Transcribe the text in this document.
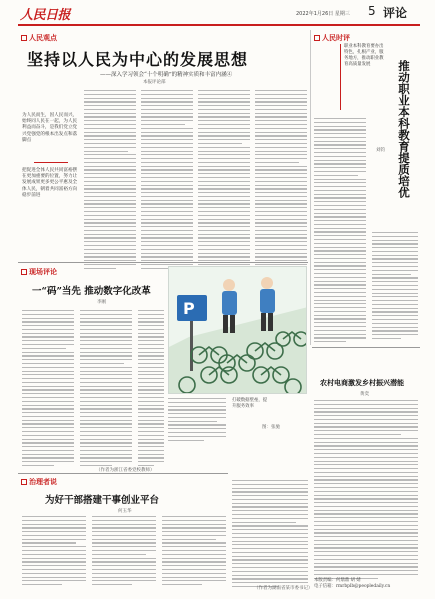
人民日报	2022年1月26日 星期三 5 评论
人民观点
坚持以人民为中心的发展思想
——深入学习领会“十个明确”的精神实质和丰富内涵④
本报评论部
为人民而生，因人民而兴，始终同人民在一起，为人民利益而奋斗，是我们党立党兴党强党的根本出发点和落脚点
把促进全体人民共同富裕摆在更加重要的位置，努力让发展成果更多更公平惠及全体人民，朝着共同富裕方向稳步前进
人民时评
职业本科教育要办出特色，扎根产业，服务地方，推动职业教育高质量发展	推动职业本科教育提质培优
刘钧
现场评论
一“码”当先 推动数字化改革
李刚	P
打破数据壁垒，提升服务效率
图：张驰
（作者为浙江省委党校教师）
农村电商激发乡村振兴潜能
黄奕
治理者说
为好干部搭建干事创业平台
何玉华
（作者为湖南省某市委书记）
本版责编：何鼎鼎 胡 婧
电子信箱：rmrbplb@peopledaily.cn
